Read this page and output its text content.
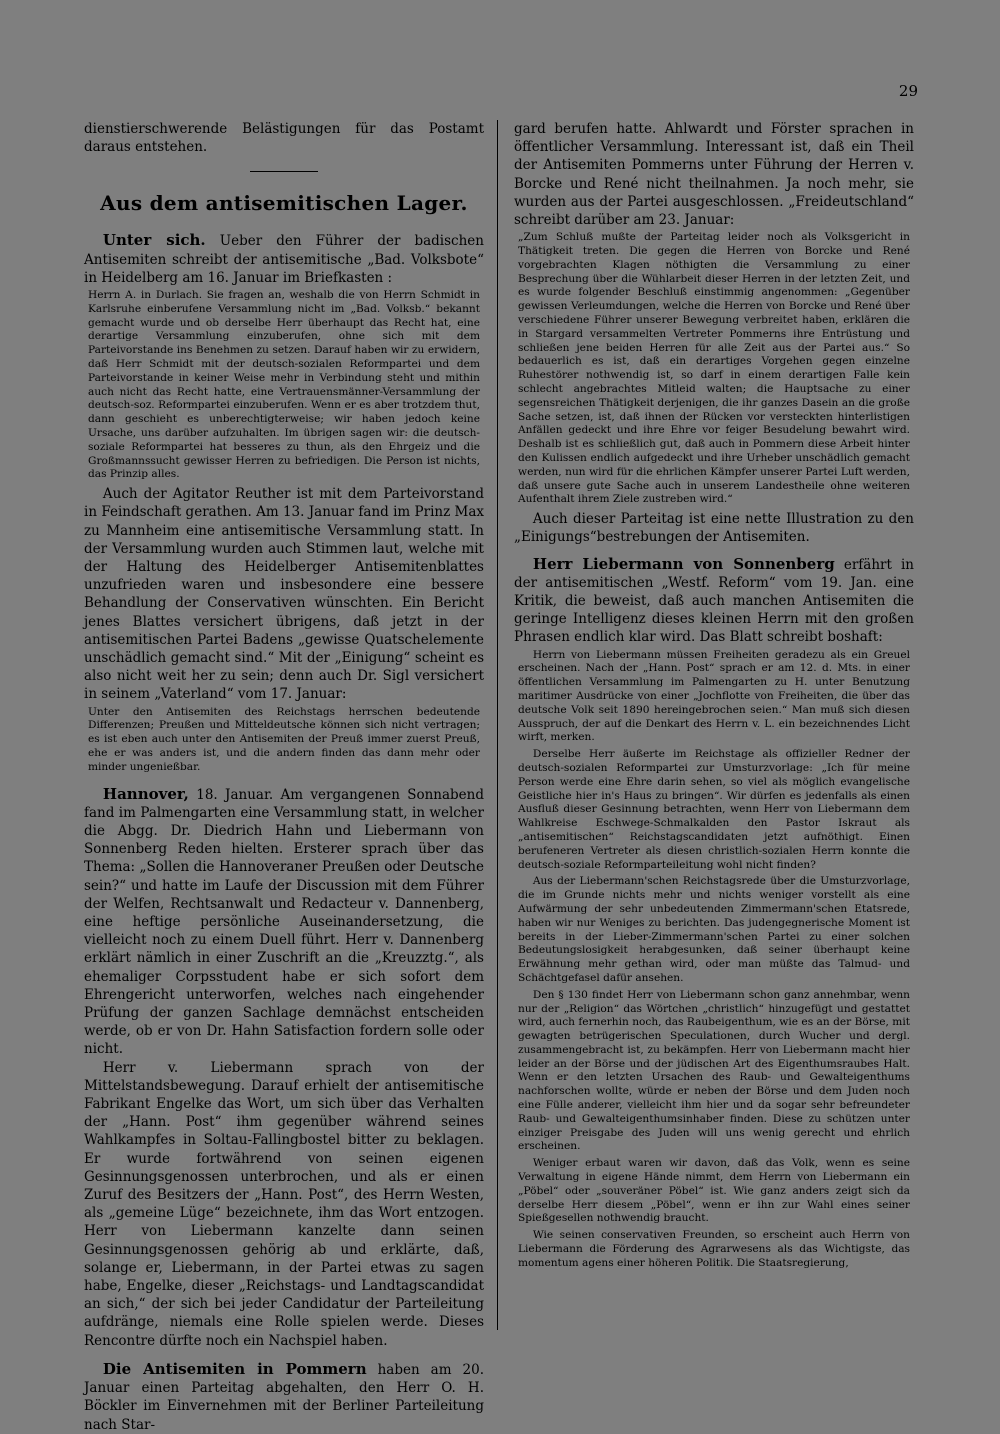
29

dienstierschwerende Belästigungen für das Postamt daraus entstehen.

Aus dem antisemitischen Lager.

Unter sich. Ueber den Führer der badischen Antisemiten schreibt der antisemitische „Bad. Volksbote“ in Heidelberg am 16. Januar im Briefkasten :

Herrn A. in Durlach. Sie fragen an, weshalb die von Herrn Schmidt in Karlsruhe einberufene Versammlung nicht im „Bad. Volksb.“ bekannt gemacht wurde und ob derselbe Herr überhaupt das Recht hat, eine derartige Versammlung einzuberufen, ohne sich mit dem Parteivorstande ins Benehmen zu setzen. Darauf haben wir zu erwidern, daß Herr Schmidt mit der deutsch-sozialen Reformpartei und dem Parteivorstande in keiner Weise mehr in Verbindung steht und mithin auch nicht das Recht hatte, eine Vertrauensmänner-Versammlung der deutsch-soz. Reformpartei einzuberufen. Wenn er es aber trotzdem thut, dann geschieht es unberechtigterweise; wir haben jedoch keine Ursache, uns darüber aufzuhalten. Im übrigen sagen wir: die deutsch-soziale Reformpartei hat besseres zu thun, als den Ehrgeiz und die Großmannssucht gewisser Herren zu befriedigen. Die Person ist nichts, das Prinzip alles.

Auch der Agitator Reuther ist mit dem Parteivorstand in Feindschaft gerathen. Am 13. Januar fand im Prinz Max zu Mannheim eine antisemitische Versammlung statt. In der Versammlung wurden auch Stimmen laut, welche mit der Haltung des Heidelberger Antisemitenblattes unzufrieden waren und insbesondere eine bessere Behandlung der Conservativen wünschten. Ein Bericht jenes Blattes versichert übrigens, daß jetzt in der antisemitischen Partei Badens „gewisse Quatschelemente unschädlich gemacht sind.“ Mit der „Einigung“ scheint es also nicht weit her zu sein; denn auch Dr. Sigl versichert in seinem „Vaterland“ vom 17. Januar:

Unter den Antisemiten des Reichstags herrschen bedeutende Differenzen; Preußen und Mitteldeutsche können sich nicht vertragen; es ist eben auch unter den Antisemiten der Preuß immer zuerst Preuß, ehe er was anders ist, und die andern finden das dann mehr oder minder ungenießbar.

Hannover, 18. Januar. Am vergangenen Sonnabend fand im Palmengarten eine Versammlung statt, in welcher die Abgg. Dr. Diedrich Hahn und Liebermann von Sonnenberg Reden hielten. Ersterer sprach über das Thema: „Sollen die Hannoveraner Preußen oder Deutsche sein?“ und hatte im Laufe der Discussion mit dem Führer der Welfen, Rechtsanwalt und Redacteur v. Dannenberg, eine heftige persönliche Auseinandersetzung, die vielleicht noch zu einem Duell führt. Herr v. Dannenberg erklärt nämlich in einer Zuschrift an die „Kreuzztg.“, als ehemaliger Corpsstudent habe er sich sofort dem Ehrengericht unterworfen, welches nach eingehender Prüfung der ganzen Sachlage demnächst entscheiden werde, ob er von Dr. Hahn Satisfaction fordern solle oder nicht.

Herr v. Liebermann sprach von der Mittelstandsbewegung. Darauf erhielt der antisemitische Fabrikant Engelke das Wort, um sich über das Verhalten der „Hann. Post“ ihm gegenüber während seines Wahlkampfes in Soltau-Fallingbostel bitter zu beklagen. Er wurde fortwährend von seinen eigenen Gesinnungsgenossen unterbrochen, und als er einen Zuruf des Besitzers der „Hann. Post“, des Herrn Westen, als „gemeine Lüge“ bezeichnete, ihm das Wort entzogen. Herr von Liebermann kanzelte dann seinen Gesinnungsgenossen gehörig ab und erklärte, daß, solange er, Liebermann, in der Partei etwas zu sagen habe, Engelke, dieser „Reichstags- und Landtagscandidat an sich,“ der sich bei jeder Candidatur der Parteileitung aufdränge, niemals eine Rolle spielen werde. Dieses Rencontre dürfte noch ein Nachspiel haben.

Die Antisemiten in Pommern haben am 20. Januar einen Parteitag abgehalten, den Herr O. H. Böckler im Einvernehmen mit der Berliner Parteileitung nach Star-

gard berufen hatte. Ahlwardt und Förster sprachen in öffentlicher Versammlung. Interessant ist, daß ein Theil der Antisemiten Pommerns unter Führung der Herren v. Borcke und René nicht theilnahmen. Ja noch mehr, sie wurden aus der Partei ausgeschlossen. „Freideutschland“ schreibt darüber am 23. Januar:

„Zum Schluß mußte der Parteitag leider noch als Volksgericht in Thätigkeit treten. Die gegen die Herren von Borcke und René vorgebrachten Klagen nöthigten die Versammlung zu einer Besprechung über die Wühlarbeit dieser Herren in der letzten Zeit, und es wurde folgender Beschluß einstimmig angenommen: „Gegenüber gewissen Verleumdungen, welche die Herren von Borcke und René über verschiedene Führer unserer Bewegung verbreitet haben, erklären die in Stargard versammelten Vertreter Pommerns ihre Entrüstung und schließen jene beiden Herren für alle Zeit aus der Partei aus.“ So bedauerlich es ist, daß ein derartiges Vorgehen gegen einzelne Ruhestörer nothwendig ist, so darf in einem derartigen Falle kein schlecht angebrachtes Mitleid walten; die Hauptsache zu einer segensreichen Thätigkeit derjenigen, die ihr ganzes Dasein an die große Sache setzen, ist, daß ihnen der Rücken vor versteckten hinterlistigen Anfällen gedeckt und ihre Ehre vor feiger Besudelung bewahrt wird. Deshalb ist es schließlich gut, daß auch in Pommern diese Arbeit hinter den Kulissen endlich aufgedeckt und ihre Urheber unschädlich gemacht werden, nun wird für die ehrlichen Kämpfer unserer Partei Luft werden, daß unsere gute Sache auch in unserem Landestheile ohne weiteren Aufenthalt ihrem Ziele zustreben wird.“

Auch dieser Parteitag ist eine nette Illustration zu den „Einigungs“bestrebungen der Antisemiten.

Herr Liebermann von Sonnenberg erfährt in der antisemitischen „Westf. Reform“ vom 19. Jan. eine Kritik, die beweist, daß auch manchen Antisemiten die geringe Intelligenz dieses kleinen Herrn mit den großen Phrasen endlich klar wird. Das Blatt schreibt boshaft:

Herrn von Liebermann müssen Freiheiten geradezu als ein Greuel erscheinen. Nach der „Hann. Post“ sprach er am 12. d. Mts. in einer öffentlichen Versammlung im Palmengarten zu H. unter Benutzung maritimer Ausdrücke von einer „Jochflotte von Freiheiten, die über das deutsche Volk seit 1890 hereingebrochen seien.“ Man muß sich diesen Ausspruch, der auf die Denkart des Herrn v. L. ein bezeichnendes Licht wirft, merken.

Derselbe Herr äußerte im Reichstage als offizieller Redner der deutsch-sozialen Reformpartei zur Umsturzvorlage: „Ich für meine Person werde eine Ehre darin sehen, so viel als möglich evangelische Geistliche hier in's Haus zu bringen“. Wir dürfen es jedenfalls als einen Ausfluß dieser Gesinnung betrachten, wenn Herr von Liebermann dem Wahlkreise Eschwege-Schmalkalden den Pastor Iskraut als „antisemitischen“ Reichstagscandidaten jetzt aufnöthigt. Einen berufeneren Vertreter als diesen christlich-sozialen Herrn konnte die deutsch-soziale Reformparteileitung wohl nicht finden?

Aus der Liebermann'schen Reichstagsrede über die Umsturzvorlage, die im Grunde nichts mehr und nichts weniger vorstellt als eine Aufwärmung der sehr unbedeutenden Zimmermann'schen Etatsrede, haben wir nur Weniges zu berichten. Das judengegnerische Moment ist bereits in der Lieber-Zimmermann'schen Partei zu einer solchen Bedeutungslosigkeit herabgesunken, daß seiner überhaupt keine Erwähnung mehr gethan wird, oder man müßte das Talmud- und Schächtgefasel dafür ansehen.

Den § 130 findet Herr von Liebermann schon ganz annehmbar, wenn nur der „Religion“ das Wörtchen „christlich“ hinzugefügt und gestattet wird, auch fernerhin noch, das Raubeigenthum, wie es an der Börse, mit gewagten betrügerischen Speculationen, durch Wucher und dergl. zusammengebracht ist, zu bekämpfen. Herr von Liebermann macht hier leider an der Börse und der jüdischen Art des Eigenthumsraubes Halt. Wenn er den letzten Ursachen des Raub- und Gewalteigenthums nachforschen wollte, würde er neben der Börse und dem Juden noch eine Fülle anderer, vielleicht ihm hier und da sogar sehr befreundeter Raub- und Gewalteigenthumsinhaber finden. Diese zu schützen unter einziger Preisgabe des Juden will uns wenig gerecht und ehrlich erscheinen.

Weniger erbaut waren wir davon, daß das Volk, wenn es seine Verwaltung in eigene Hände nimmt, dem Herrn von Liebermann ein „Pöbel“ oder „souveräner Pöbel“ ist. Wie ganz anders zeigt sich da derselbe Herr diesem „Pöbel“, wenn er ihn zur Wahl eines seiner Spießgesellen nothwendig braucht.

Wie seinen conservativen Freunden, so erscheint auch Herrn von Liebermann die Förderung des Agrarwesens als das Wichtigste, das momentum agens einer höheren Politik. Die Staatsregierung,
